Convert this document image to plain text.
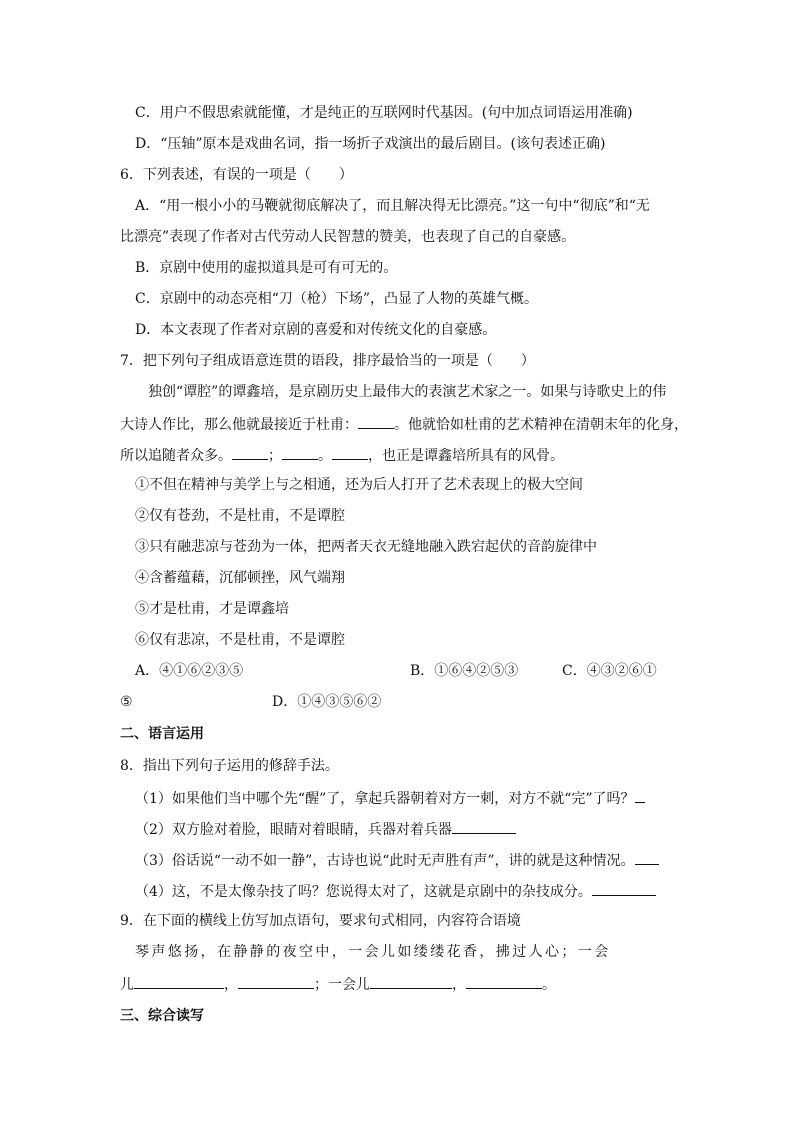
C．用户不假思索就能懂，才是纯正的互联网时代基因。(句中加点词语运用准确)
D．“压轴”原本是戏曲名词，指一场折子戏演出的最后剧目。(该句表述正确)
6．下列表述，有误的一项是（　　）
A．“用一根小小的马鞭就彻底解决了，而且解决得无比漂亮。”这一句中“彻底”和“无
比漂亮”表现了作者对古代劳动人民智慧的赞美，也表现了自己的自豪感。
B．京剧中使用的虚拟道具是可有可无的。
C．京剧中的动态亮相“刀（枪）下场”，凸显了人物的英雄气概。
D．本文表现了作者对京剧的喜爱和对传统文化的自豪感。
7．把下列句子组成语意连贯的语段，排序最恰当的一项是（　　）
独创“谭腔”的谭鑫培，是京剧历史上最伟大的表演艺术家之一。如果与诗歌史上的伟
大诗人作比，那么他就最接近于杜甫：	。他就恰如杜甫的艺术精神在清朝末年的化身，
所以追随者众多。	；	。	，也正是谭鑫培所具有的风骨。
①不但在精神与美学上与之相通，还为后人打开了艺术表现上的极大空间
②仅有苍劲，不是杜甫，不是谭腔
③只有融悲凉与苍劲为一体，把两者天衣无缝地融入跌宕起伏的音韵旋律中
④含蓄蕴藉，沉郁顿挫，风气端翔
⑤才是杜甫，才是谭鑫培
⑥仅有悲凉，不是杜甫，不是谭腔
A．④①⑥②③⑤	B．①⑥④②⑤③	C．④③②⑥①
⑤	D．①④③⑤⑥②
二、语言运用
8．指出下列句子运用的修辞手法。
（1）如果他们当中哪个先“醒”了，拿起兵器朝着对方一刺，对方不就“完”了吗？
（2）双方脸对着脸，眼睛对着眼睛，兵器对着兵器
（3）俗话说“一动不如一静”，古诗也说“此时无声胜有声”，讲的就是这种情况。
（4）这，不是太像杂技了吗？您说得太对了，这就是京剧中的杂技成分。
9．在下面的横线上仿写加点语句，要求句式相同，内容符合语境
琴声悠扬，在静静的夜空中，一会儿如缕缕花香，拂过人心；一会
儿	，	；一会儿	，	。
三、综合读写
